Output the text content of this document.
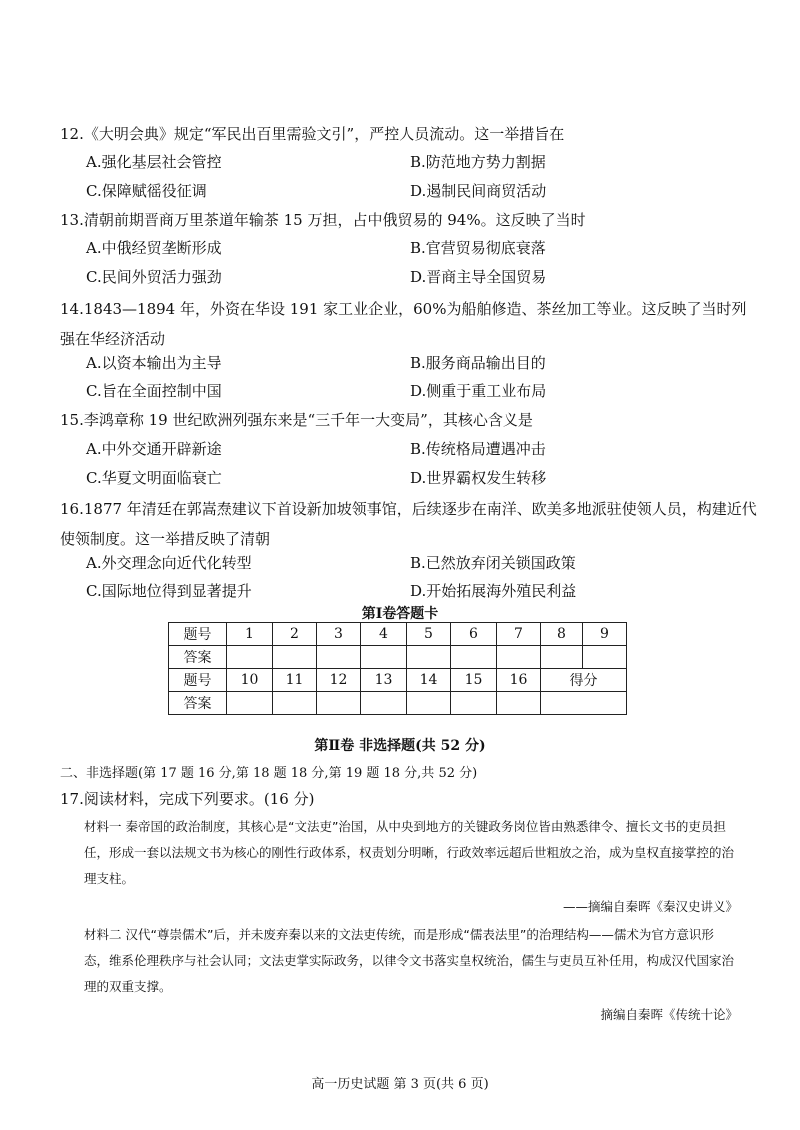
12.《大明会典》规定“军民出百里需验文引”，严控人员流动。这一举措旨在
A.强化基层社会管控	B.防范地方势力割据
C.保障赋徭役征调	D.遏制民间商贸活动
13.清朝前期晋商万里茶道年输茶 15 万担，占中俄贸易的 94%。这反映了当时
A.中俄经贸垄断形成	B.官营贸易彻底衰落
C.民间外贸活力强劲	D.晋商主导全国贸易
14.1843—1894 年，外资在华设 191 家工业企业，60%为船舶修造、茶丝加工等业。这反映了当时列强在华经济活动
A.以资本输出为主导	B.服务商品输出目的
C.旨在全面控制中国	D.侧重于重工业布局
15.李鸿章称 19 世纪欧洲列强东来是“三千年一大变局”，其核心含义是
A.中外交通开辟新途	B.传统格局遭遇冲击
C.华夏文明面临衰亡	D.世界霸权发生转移
16.1877 年清廷在郭嵩焘建议下首设新加坡领事馆，后续逐步在南洋、欧美多地派驻使领人员，构建近代使领制度。这一举措反映了清朝
A.外交理念向近代化转型	B.已然放弃闭关锁国政策
C.国际地位得到显著提升	D.开始拓展海外殖民利益
第Ⅰ卷答题卡
题号	1	2	3	4	5	6	7	8	9
答案									
题号	10	11	12	13	14	15	16	得分	
答案									
第Ⅱ卷 非选择题(共 52 分)
二、非选择题(第 17 题 16 分,第 18 题 18 分,第 19 题 18 分,共 52 分)
17.阅读材料，完成下列要求。(16 分)
材料一 秦帝国的政治制度，其核心是“文法吏”治国，从中央到地方的关键政务岗位皆由熟悉律令、擅长文书的吏员担任，形成一套以法规文书为核心的刚性行政体系，权责划分明晰，行政效率远超后世粗放之治，成为皇权直接掌控的治理支柱。
——摘编自秦晖《秦汉史讲义》
材料二 汉代“尊崇儒术”后，并未废弃秦以来的文法吏传统，而是形成“儒表法里”的治理结构——儒术为官方意识形态，维系伦理秩序与社会认同；文法吏掌实际政务，以律令文书落实皇权统治，儒生与吏员互补任用，构成汉代国家治理的双重支撑。
摘编自秦晖《传统十论》
高一历史试题 第 3 页(共 6 页)
